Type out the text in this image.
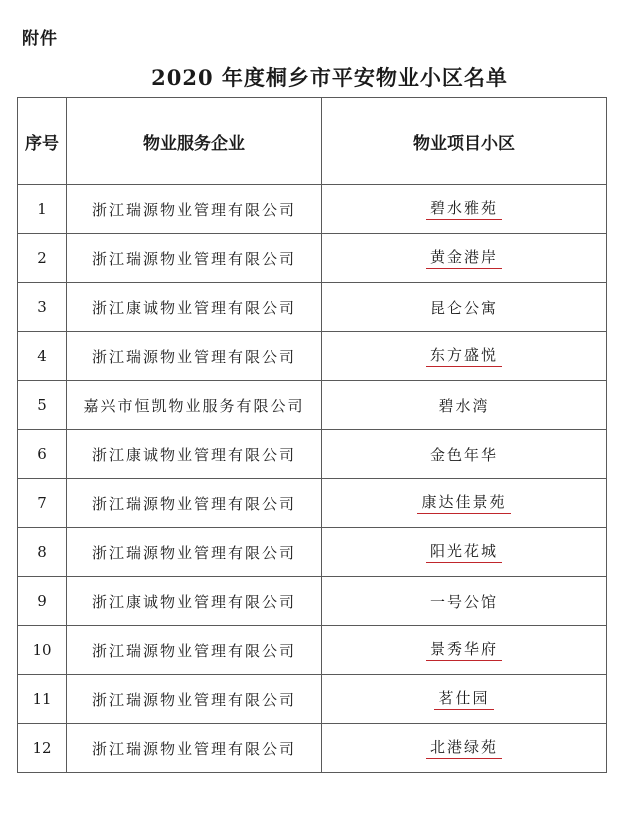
附件
2020 年度桐乡市平安物业小区名单
序号	物业服务企业	物业项目小区
1	浙江瑞源物业管理有限公司	碧水雅苑
2	浙江瑞源物业管理有限公司	黄金港岸
3	浙江康诚物业管理有限公司	昆仑公寓
4	浙江瑞源物业管理有限公司	东方盛悦
5	嘉兴市恒凯物业服务有限公司	碧水湾
6	浙江康诚物业管理有限公司	金色年华
7	浙江瑞源物业管理有限公司	康达佳景苑
8	浙江瑞源物业管理有限公司	阳光花城
9	浙江康诚物业管理有限公司	一号公馆
10	浙江瑞源物业管理有限公司	景秀华府
11	浙江瑞源物业管理有限公司	茗仕园
12	浙江瑞源物业管理有限公司	北港绿苑
